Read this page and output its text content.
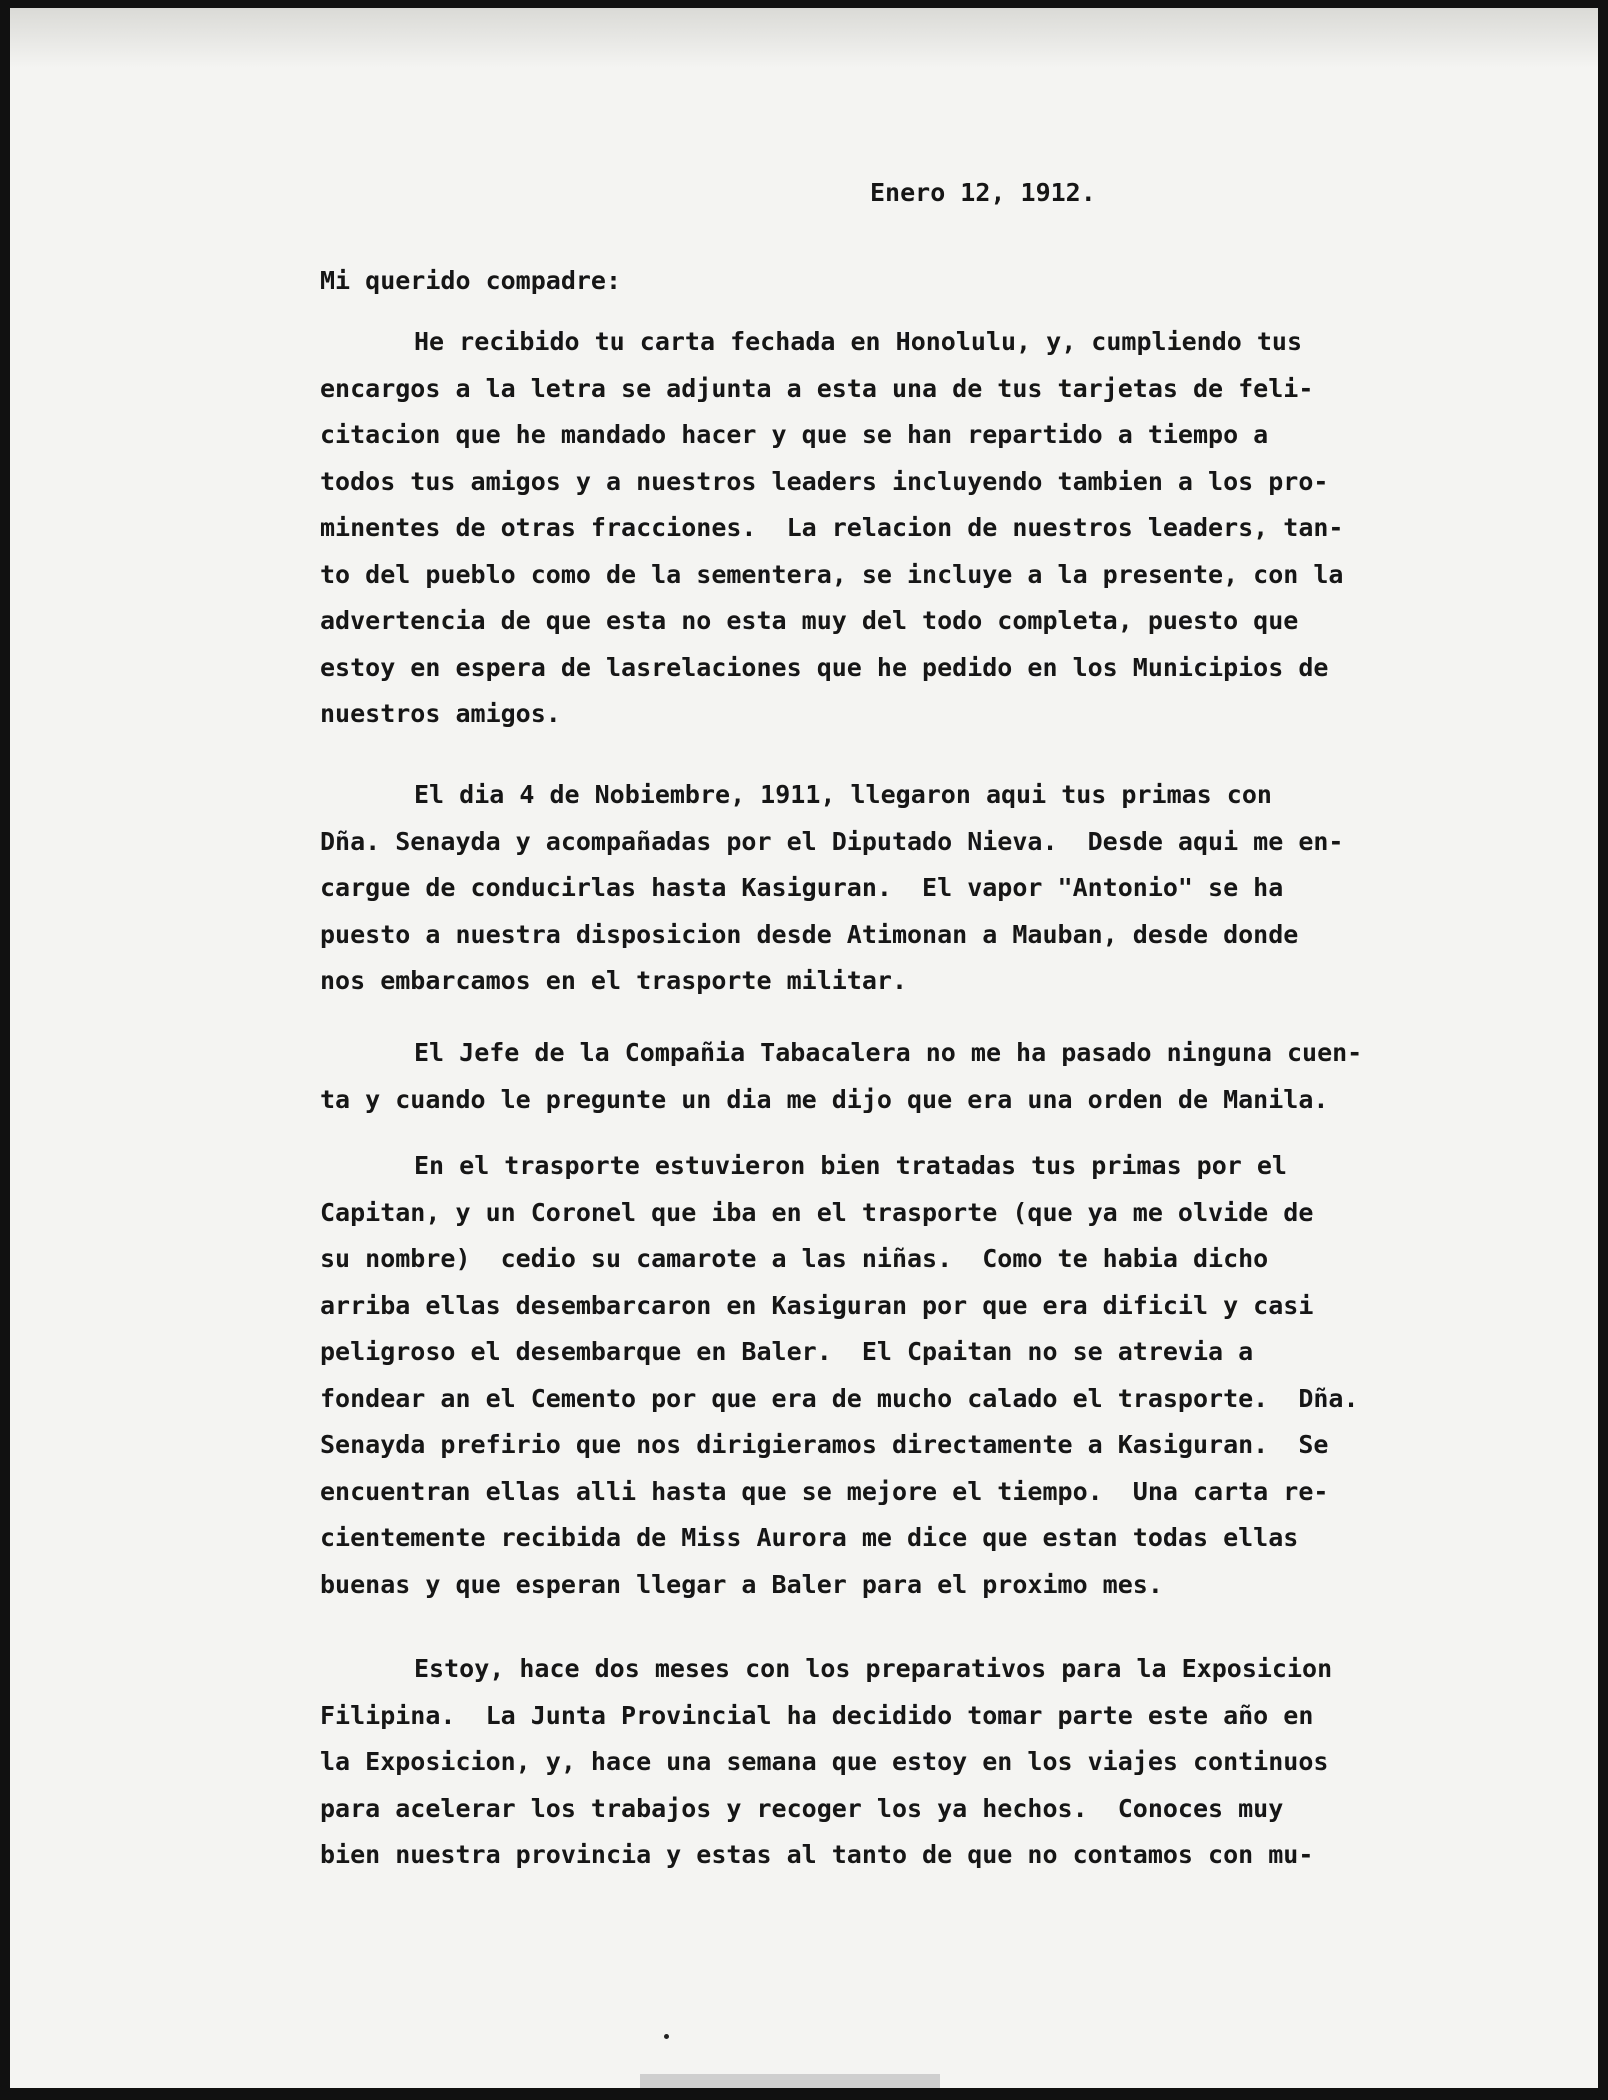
Enero 12, 1912.
Mi querido compadre:
He recibido tu carta fechada en Honolulu, y, cumpliendo tus
encargos a la letra se adjunta a esta una de tus tarjetas de feli-
citacion que he mandado hacer y que se han repartido a tiempo a
todos tus amigos y a nuestros leaders incluyendo tambien a los pro-
minentes de otras fracciones.  La relacion de nuestros leaders, tan-
to del pueblo como de la sementera, se incluye a la presente, con la
advertencia de que esta no esta muy del todo completa, puesto que
estoy en espera de lasrelaciones que he pedido en los Municipios de
nuestros amigos.
El dia 4 de Nobiembre, 1911, llegaron aqui tus primas con
Dña. Senayda y acompañadas por el Diputado Nieva.  Desde aqui me en-
cargue de conducirlas hasta Kasiguran.  El vapor "Antonio" se ha
puesto a nuestra disposicion desde Atimonan a Mauban, desde donde
nos embarcamos en el trasporte militar.
El Jefe de la Compañia Tabacalera no me ha pasado ninguna cuen-
ta y cuando le pregunte un dia me dijo que era una orden de Manila.
En el trasporte estuvieron bien tratadas tus primas por el
Capitan, y un Coronel que iba en el trasporte (que ya me olvide de
su nombre)  cedio su camarote a las niñas.  Como te habia dicho
arriba ellas desembarcaron en Kasiguran por que era dificil y casi
peligroso el desembarque en Baler.  El Cpaitan no se atrevia a
fondear an el Cemento por que era de mucho calado el trasporte.  Dña.
Senayda prefirio que nos dirigieramos directamente a Kasiguran.  Se
encuentran ellas alli hasta que se mejore el tiempo.  Una carta re-
cientemente recibida de Miss Aurora me dice que estan todas ellas
buenas y que esperan llegar a Baler para el proximo mes.
Estoy, hace dos meses con los preparativos para la Exposicion
Filipina.  La Junta Provincial ha decidido tomar parte este año en
la Exposicion, y, hace una semana que estoy en los viajes continuos
para acelerar los trabajos y recoger los ya hechos.  Conoces muy
bien nuestra provincia y estas al tanto de que no contamos con mu-
